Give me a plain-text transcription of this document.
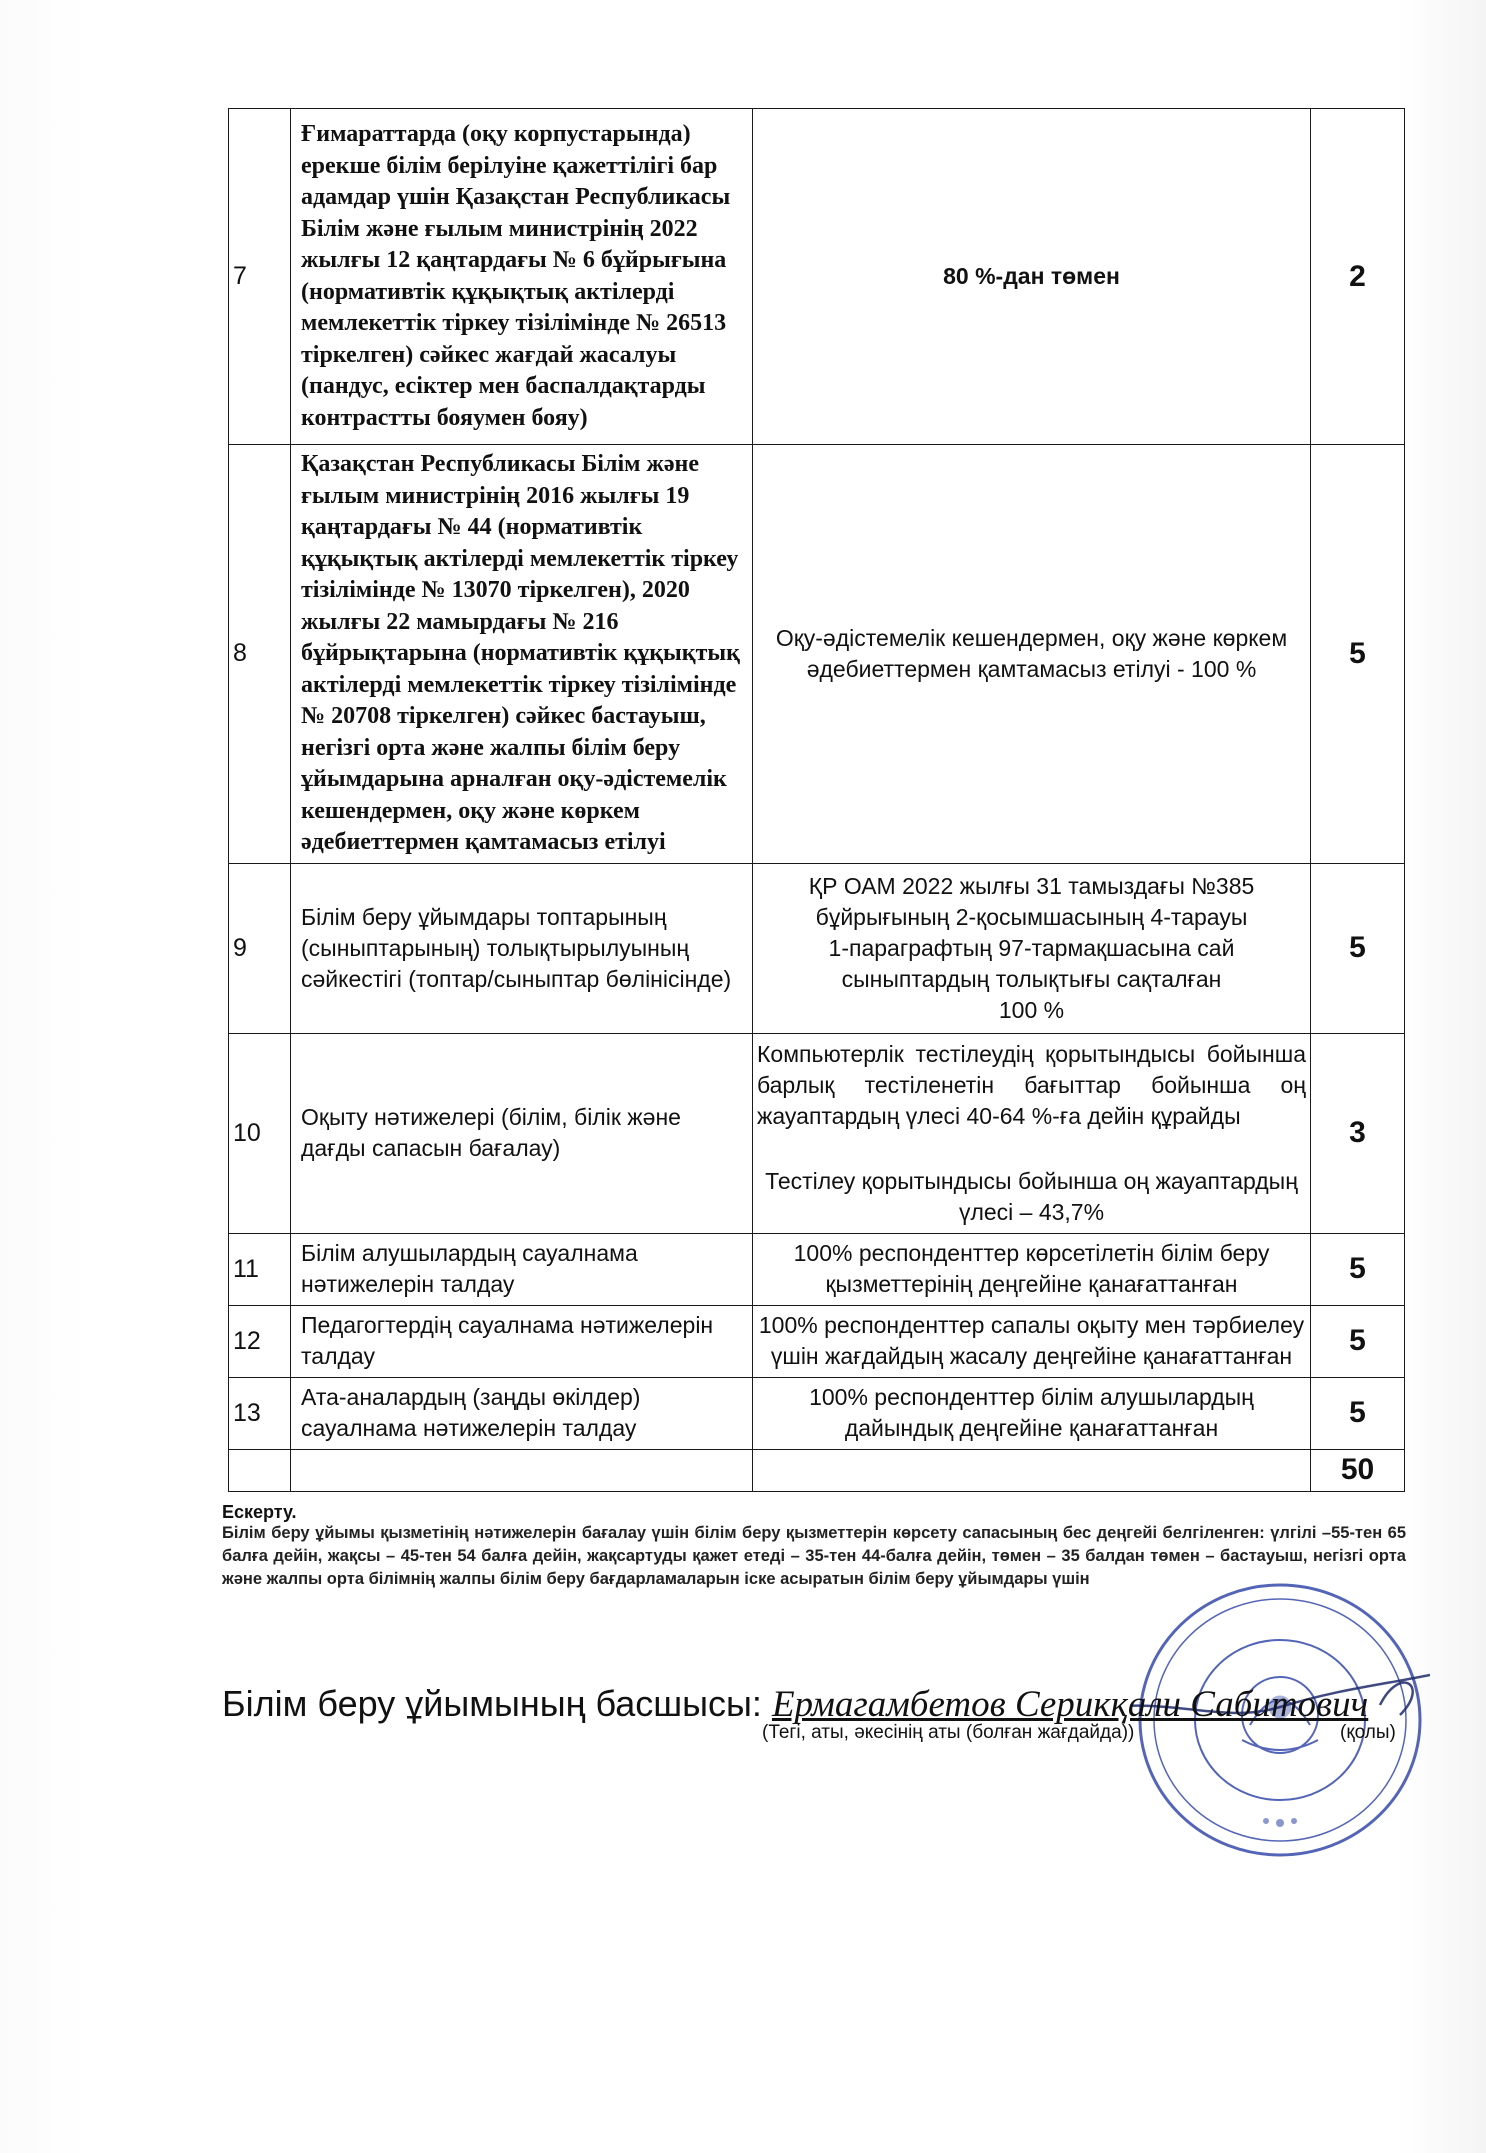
7	Ғимараттарда (оқу корпустарында) ерекше білім берілуіне қажеттілігі бар адамдар үшін Қазақстан Республикасы Білім және ғылым министрінің 2022 жылғы 12 қаңтардағы № 6 бұйрығына (нормативтік құқықтық актілерді мемлекеттік тіркеу тізілімінде № 26513 тіркелген) сәйкес жағдай жасалуы (пандус, есіктер мен баспалдақтарды контрастты бояумен бояу)	80 %-дан төмен	2
8	Қазақстан Республикасы Білім және ғылым министрінің 2016 жылғы 19 қаңтардағы № 44 (нормативтік құқықтық актілерді мемлекеттік тіркеу тізілімінде № 13070 тіркелген), 2020 жылғы 22 мамырдағы № 216 бұйрықтарына (нормативтік құқықтық актілерді мемлекеттік тіркеу тізілімінде № 20708 тіркелген) сәйкес бастауыш, негізгі орта және жалпы білім беру ұйымдарына арналған оқу-әдістемелік кешендермен, оқу және көркем әдебиеттермен қамтамасыз етілуі	Оқу-әдістемелік кешендермен, оқу және көркем әдебиеттермен қамтамасыз етілуі - 100 %	5
9	Білім беру ұйымдары топтарының (сыныптарының) толықтырылуының сәйкестігі (топтар/сыныптар бөлінісінде)	ҚР ОАМ 2022 жылғы 31 тамыздағы №385
бұйрығының 2-қосымшасының 4-тарауы
1-параграфтың 97-тармақшасына сай
сыныптардың толықтығы сақталған
100 %	5
10	Оқыту нәтижелері (білім, білік және дағды сапасын бағалау)	Компьютерлік тестілеудің қорытындысы бойынша барлық тестіленетін бағыттар бойынша оң жауаптардың үлесі 40-64 %-ға дейін құрайды
Тестілеу қорытындысы бойынша оң жауаптардың үлесі – 43,7%	3
11	Білім алушылардың сауалнама нәтижелерін талдау	100% респонденттер көрсетілетін білім беру қызметтерінің деңгейіне қанағаттанған	5
12	Педагогтердің сауалнама нәтижелерін талдау	100% респонденттер сапалы оқыту мен тәрбиелеу үшін жағдайдың жасалу деңгейіне қанағаттанған	5
13	Ата-аналардың (заңды өкілдер) сауалнама нәтижелерін талдау	100% респонденттер білім алушылардың дайындық деңгейіне қанағаттанған	5
			50
Ескерту.
Білім беру ұйымы қызметінің нәтижелерін бағалау үшін білім беру қызметтерін көрсету сапасының бес деңгейі белгіленген: үлгілі –55-тен 65 балға дейін, жақсы – 45-тен 54 балға дейін, жақсартуды қажет етеді – 35-тен 44-балға дейін, төмен – 35 балдан төмен – бастауыш, негізгі орта және жалпы орта білімнің жалпы білім беру бағдарламаларын іске асыратын білім беру ұйымдары үшін
Білім беру ұйымының басшысы: Ермагамбетов Серикқали Сабитович
(Тегі, аты, әкесінің аты (болған жағдайда))	(қолы)
